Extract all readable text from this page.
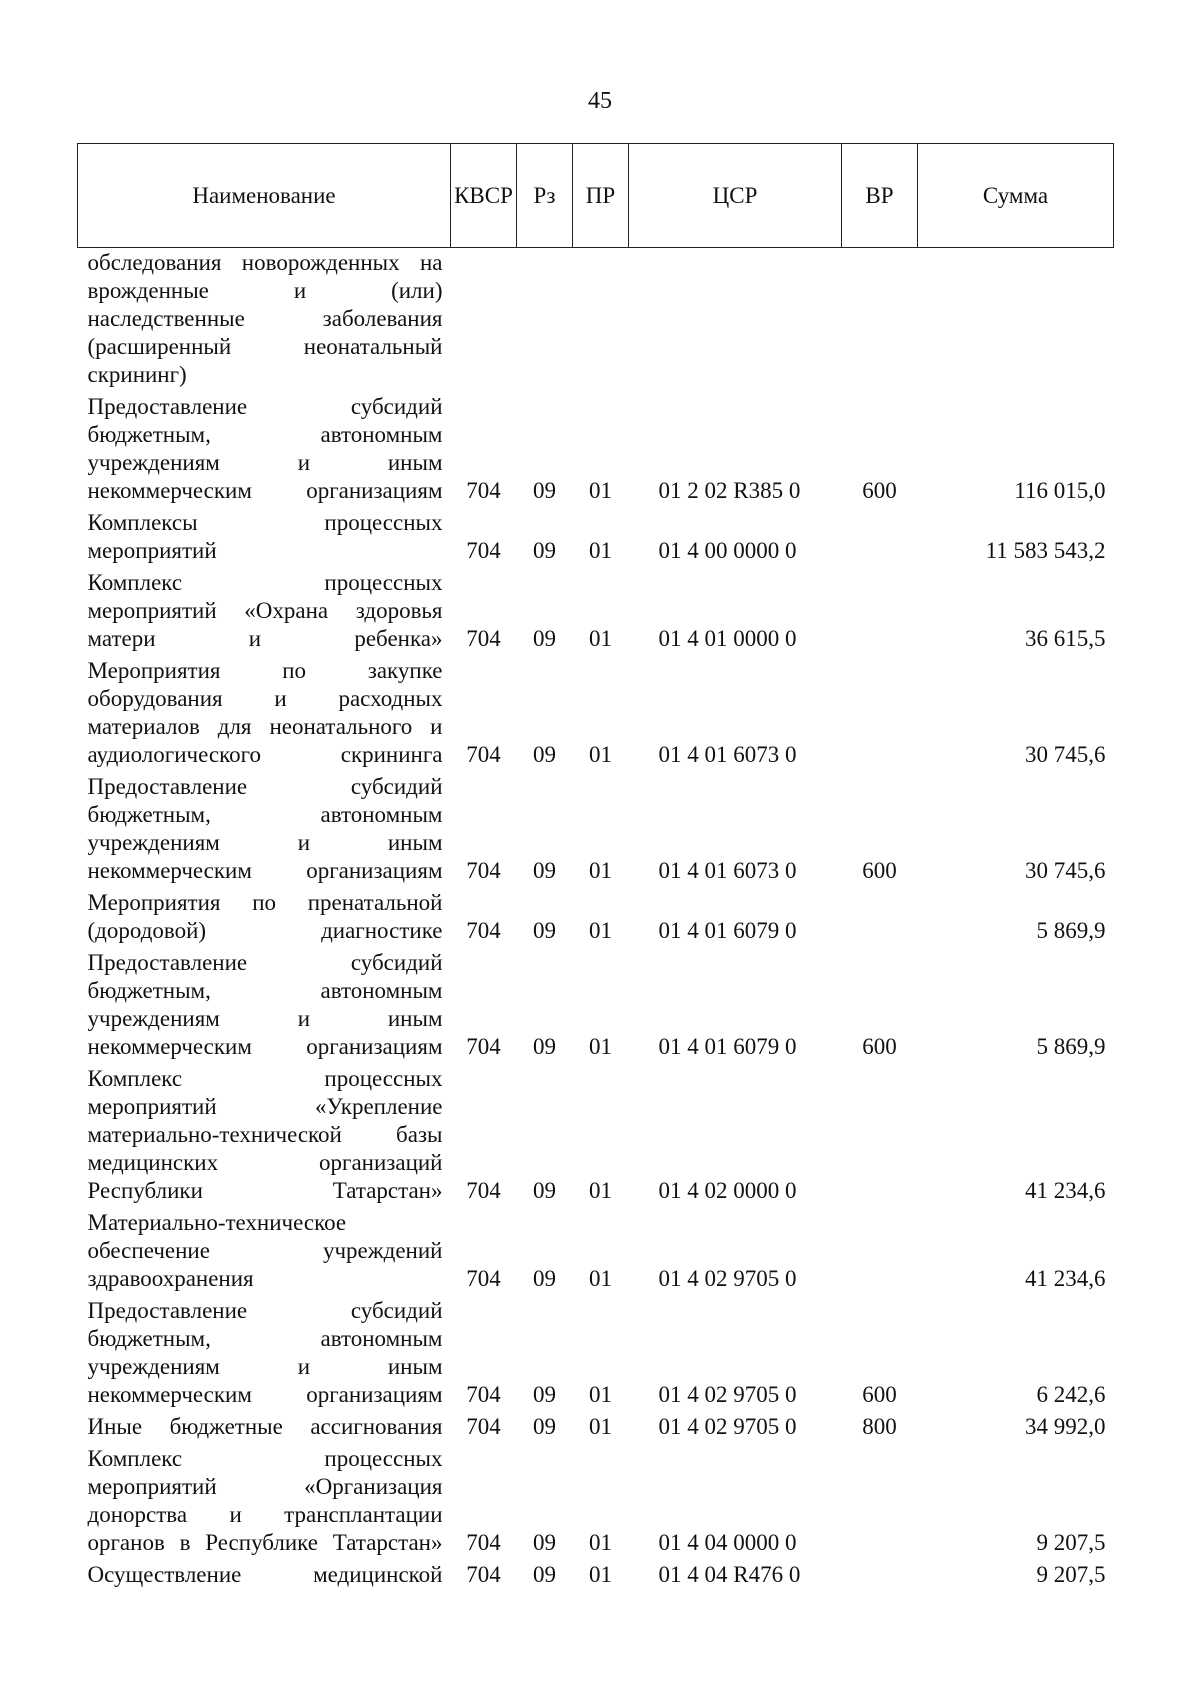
45
Наименование	КВСР	Рз	ПР	ЦСР	ВР	Сумма

обследования новорожденных на
врожденные и (или)
наследственные заболевания
(расширенный неонатальный
скрининг)						

Предоставление субсидий
бюджетным, автономным
учреждениям и иным
некоммерческим организациям	704	09	01	01 2 02 R385 0	600	116 015,0

Комплексы процессных
мероприятий	704	09	01	01 4 00 0000 0		11 583 543,2

Комплекс процессных
мероприятий «Охрана здоровья
матери и ребенка»	704	09	01	01 4 01 0000 0		36 615,5

Мероприятия по закупке
оборудования и расходных
материалов для неонатального и
аудиологического скрининга	704	09	01	01 4 01 6073 0		30 745,6

Предоставление субсидий
бюджетным, автономным
учреждениям и иным
некоммерческим организациям	704	09	01	01 4 01 6073 0	600	30 745,6

Мероприятия по пренатальной
(дородовой) диагностике	704	09	01	01 4 01 6079 0		5 869,9

Предоставление субсидий
бюджетным, автономным
учреждениям и иным
некоммерческим организациям	704	09	01	01 4 01 6079 0	600	5 869,9

Комплекс процессных
мероприятий «Укрепление
материально-технической базы
медицинских организаций
Республики Татарстан»	704	09	01	01 4 02 0000 0		41 234,6

Материально-техническое
обеспечение учреждений
здравоохранения	704	09	01	01 4 02 9705 0		41 234,6

Предоставление субсидий
бюджетным, автономным
учреждениям и иным
некоммерческим организациям	704	09	01	01 4 02 9705 0	600	6 242,6

Иные бюджетные ассигнования	704	09	01	01 4 02 9705 0	800	34 992,0

Комплекс процессных
мероприятий «Организация
донорства и трансплантации
органов в Республике Татарстан»	704	09	01	01 4 04 0000 0		9 207,5

Осуществление медицинской	704	09	01	01 4 04 R476 0		9 207,5
